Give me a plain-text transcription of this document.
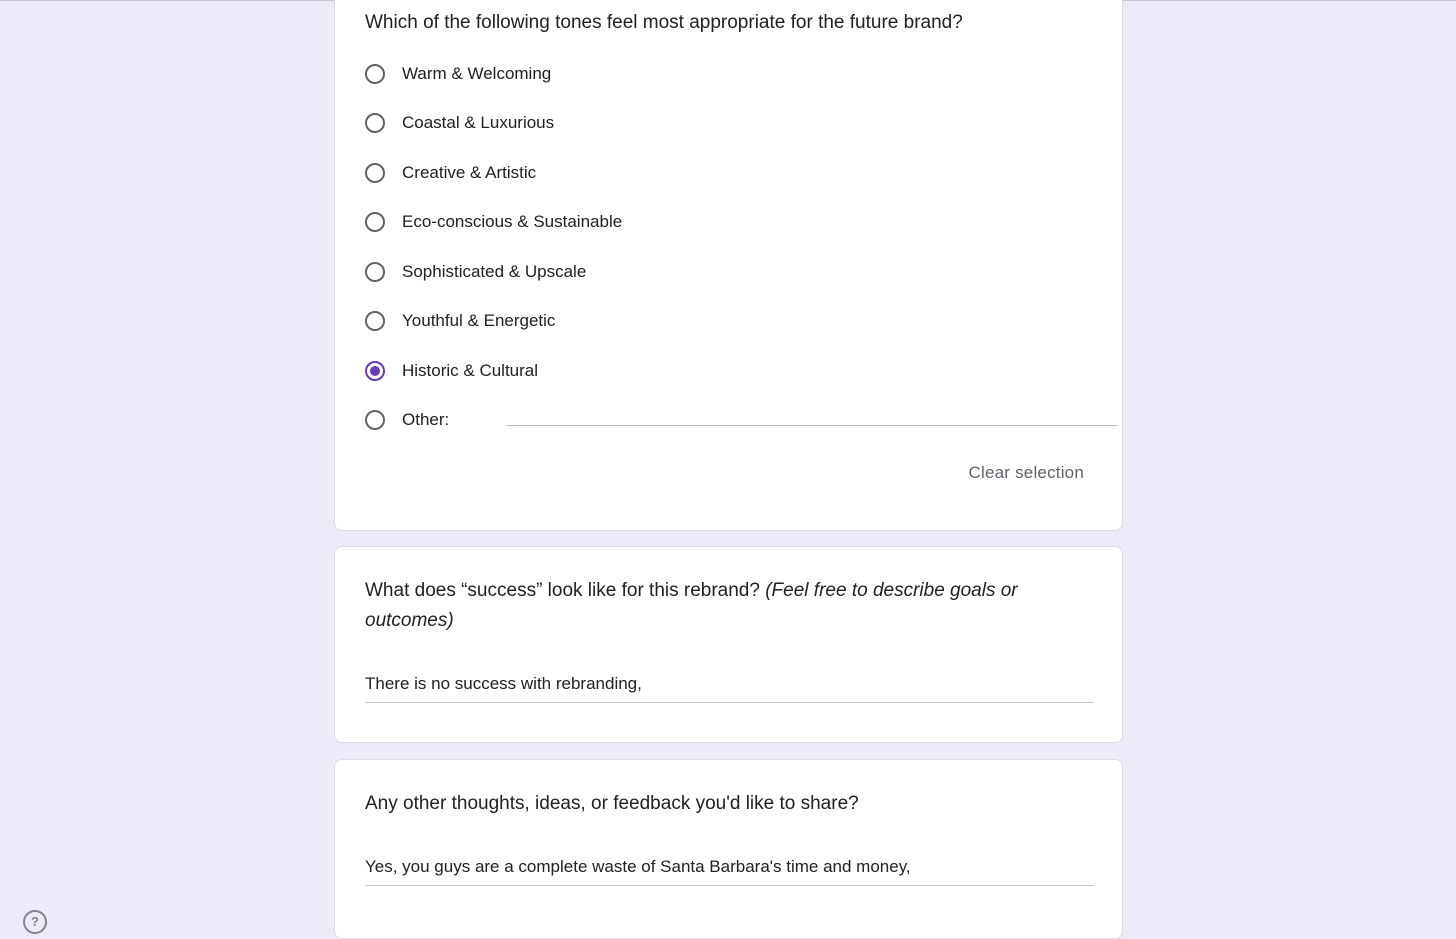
Which of the following tones feel most appropriate for the future brand?
Warm & Welcoming
Coastal & Luxurious
Creative & Artistic
Eco-conscious & Sustainable
Sophisticated & Upscale
Youthful & Energetic
Historic & Cultural
Other:
Clear selection
What does “success” look like for this rebrand? (Feel free to describe goals or outcomes)
There is no success with rebranding,
Any other thoughts, ideas, or feedback you'd like to share?
Yes, you guys are a complete waste of Santa Barbara's time and money,
?
